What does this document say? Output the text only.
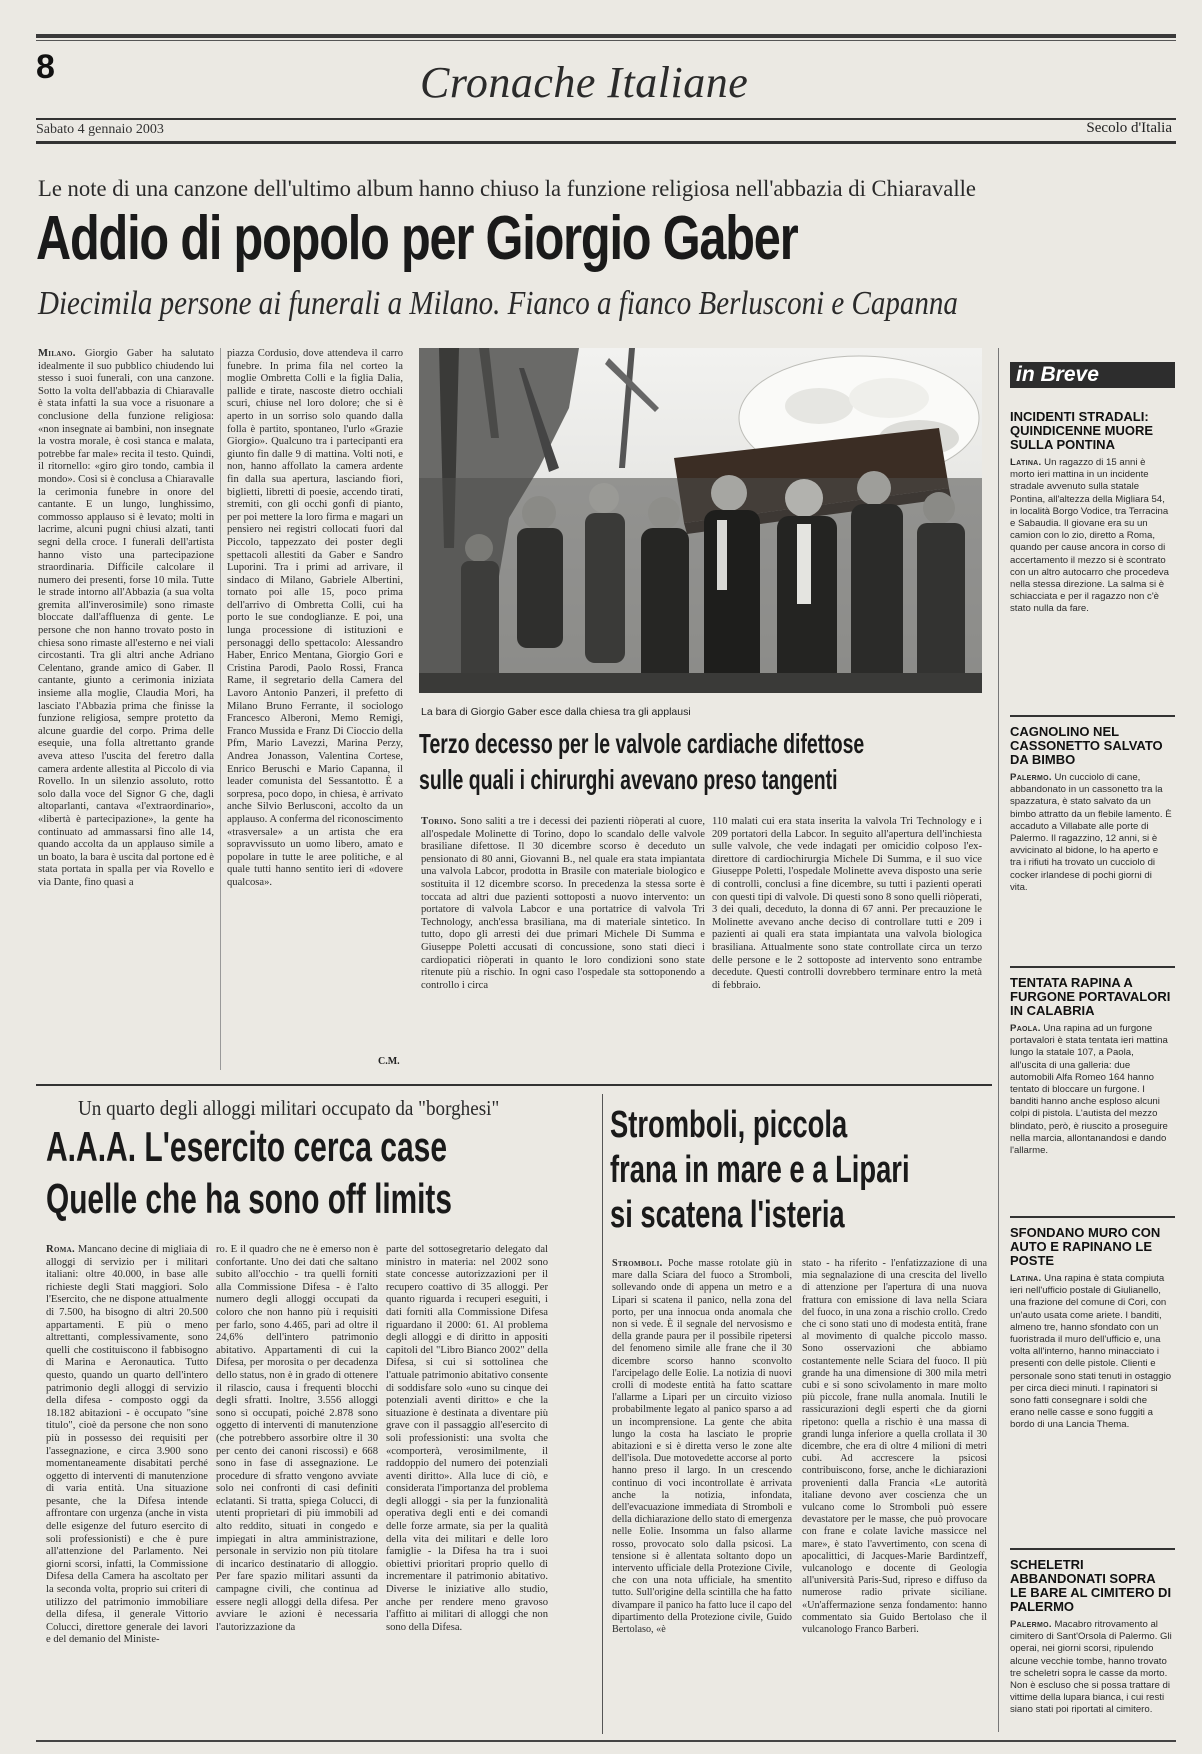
8	Cronache Italiane
Sabato 4 gennaio 2003	Secolo d'Italia
Le note di una canzone dell'ultimo album hanno chiuso la funzione religiosa nell'abbazia di Chiaravalle
Addio di popolo per Giorgio Gaber
Diecimila persone ai funerali a Milano. Fianco a fianco Berlusconi e Capanna

Milano. Giorgio Gaber ha salutato idealmente il suo pubblico chiudendo lui stesso i suoi funerali, con una canzone. Sotto la volta dell'abbazia di Chiaravalle è stata infatti la sua voce a risuonare a conclusione della funzione religiosa: «non insegnate ai bambini, non insegnate la vostra morale, è così stanca e malata, potrebbe far male» recita il testo. Quindi, il ritornello: «giro giro tondo, cambia il mondo». Così si è conclusa a Chiaravalle la cerimonia funebre in onore del cantante. E un lungo, lunghissimo, commosso applauso si è levato; molti in lacrime, alcuni pugni chiusi alzati, tanti segni della croce. I funerali dell'artista hanno visto una partecipazione straordinaria. Difficile calcolare il numero dei presenti, forse 10 mila. Tutte le strade intorno all'Abbazia (a sua volta gremita all'inverosimile) sono rimaste bloccate dall'affluenza di gente. Le persone che non hanno trovato posto in chiesa sono rimaste all'esterno e nei viali circostanti. Tra gli altri anche Adriano Celentano, grande amico di Gaber. Il cantante, giunto a cerimonia iniziata insieme alla moglie, Claudia Mori, ha lasciato l'Abbazia prima che finisse la funzione religiosa, sempre protetto da alcune guardie del corpo. Prima delle esequie, una folla altrettanto grande aveva atteso l'uscita del feretro dalla camera ardente allestita al Piccolo di via Rovello. In un silenzio assoluto, rotto solo dalla voce del Signor G che, dagli altoparlanti, cantava «l'extraordinario», «libertà è partecipazione», la gente ha continuato ad ammassarsi fino alle 14, quando accolta da un applauso simile a un boato, la bara è uscita dal portone ed è stata portata in spalla per via Rovello e via Dante, fino quasi a

piazza Cordusio, dove attendeva il carro funebre. In prima fila nel corteo la moglie Ombretta Colli e la figlia Dalia, pallide e tirate, nascoste dietro occhiali scuri, chiuse nel loro dolore; che si è aperto in un sorriso solo quando dalla folla è partito, spontaneo, l'urlo «Grazie Giorgio». Qualcuno tra i partecipanti era giunto fin dalle 9 di mattina. Volti noti, e non, hanno affollato la camera ardente fin dalla sua apertura, lasciando fiori, biglietti, libretti di poesie, accendo tirati, stremiti, con gli occhi gonfi di pianto, per poi mettere la loro firma e magari un pensiero nei registri collocati fuori dal Piccolo, tappezzato dei poster degli spettacoli allestiti da Gaber e Sandro Luporini. Tra i primi ad arrivare, il sindaco di Milano, Gabriele Albertini, tornato poi alle 15, poco prima dell'arrivo di Ombretta Colli, cui ha porto le sue condoglianze. E poi, una lunga processione di istituzioni e personaggi dello spettacolo: Alessandro Haber, Enrico Mentana, Giorgio Gori e Cristina Parodi, Paolo Rossi, Franca Rame, il segretario della Camera del Lavoro Antonio Panzeri, il prefetto di Milano Bruno Ferrante, il sociologo Francesco Alberoni, Memo Remigi, Franco Mussida e Franz Di Cioccio della Pfm, Mario Lavezzi, Marina Perzy, Andrea Jonasson, Valentina Cortese, Enrico Beruschi e Mario Capanna, il leader comunista del Sessantotto. È a sorpresa, poco dopo, in chiesa, è arrivato anche Silvio Berlusconi, accolto da un applauso. A conferma del riconoscimento «trasversale» a un artista che era sopravvissuto un uomo libero, amato e popolare in tutte le aree politiche, e al quale tutti hanno sentito ieri di «dovere qualcosa».

C.M.
La bara di Giorgio Gaber esce dalla chiesa tra gli applausi
Terzo decesso per le valvole cardiache difettose
sulle quali i chirurghi avevano preso tangenti

Torino. Sono saliti a tre i decessi dei pazienti riòperati al cuore, all'ospedale Molinette di Torino, dopo lo scandalo delle valvole brasiliane difettose. Il 30 dicembre scorso è deceduto un pensionato di 80 anni, Giovanni B., nel quale era stata impiantata una valvola Labcor, prodotta in Brasile con materiale biologico e sostituita il 12 dicembre scorso. In precedenza la stessa sorte è toccata ad altri due pazienti sottoposti a nuovo intervento: un portatore di valvola Labcor e una portatrice di valvola Tri Technology, anch'essa brasiliana, ma di materiale sintetico. In tutto, dopo gli arresti dei due primari Michele Di Summa e Giuseppe Poletti accusati di concussione, sono stati dieci i cardiopatici riòperati in quanto le loro condizioni sono state ritenute più a rischio. In ogni caso l'ospedale sta sottoponendo a controllo i circa

110 malati cui era stata inserita la valvola Tri Technology e i 209 portatori della Labcor. In seguito all'apertura dell'inchiesta sulle valvole, che vede indagati per omicidio colposo l'ex-direttore di cardiochirurgia Michele Di Summa, e il suo vice Giuseppe Poletti, l'ospedale Molinette aveva disposto una serie di controlli, conclusi a fine dicembre, su tutti i pazienti operati con questi tipi di valvole. Di questi sono 8 sono quelli riòperati, 3 dei quali, deceduto, la donna di 67 anni. Per precauzione le Molinette avevano anche deciso di controllare tutti e 209 i pazienti ai quali era stata impiantata una valvola biologica brasiliana. Attualmente sono state controllate circa un terzo delle persone e le 2 sottoposte ad intervento sono entrambe decedute. Questi controlli dovrebbero terminare entro la metà di febbraio.

in Breve

INCIDENTI STRADALI: QUINDICENNE MUORE SULLA PONTINA

Latina. Un ragazzo di 15 anni è morto ieri mattina in un incidente stradale avvenuto sulla statale Pontina, all'altezza della Migliara 54, in località Borgo Vodice, tra Terracina e Sabaudia. Il giovane era su un camion con lo zio, diretto a Roma, quando per cause ancora in corso di accertamento il mezzo si è scontrato con un altro autocarro che procedeva nella stessa direzione. La salma si è schiacciata e per il ragazzo non c'è stato nulla da fare.

CAGNOLINO NEL CASSONETTO SALVATO DA BIMBO

Palermo. Un cucciolo di cane, abbandonato in un cassonetto tra la spazzatura, è stato salvato da un bimbo attratto da un flebile lamento. È accaduto a Villabate alle porte di Palermo. Il ragazzino, 12 anni, si è avvicinato al bidone, lo ha aperto e tra i rifiuti ha trovato un cucciolo di cocker irlandese di pochi giorni di vita.

TENTATA RAPINA A FURGONE PORTAVALORI IN CALABRIA

Paola. Una rapina ad un furgone portavalori è stata tentata ieri mattina lungo la statale 107, a Paola, all'uscita di una galleria: due automobili Alfa Romeo 164 hanno tentato di bloccare un furgone. I banditi hanno anche esploso alcuni colpi di pistola. L'autista del mezzo blindato, però, è riuscito a proseguire nella marcia, allontanandosi e dando l'allarme.

SFONDANO MURO CON AUTO E RAPINANO LE POSTE

Latina. Una rapina è stata compiuta ieri nell'ufficio postale di Giulianello, una frazione del comune di Cori, con un'auto usata come ariete. I banditi, almeno tre, hanno sfondato con un fuoristrada il muro dell'ufficio e, una volta all'interno, hanno minacciato i presenti con delle pistole. Clienti e personale sono stati tenuti in ostaggio per circa dieci minuti. I rapinatori si sono fatti consegnare i soldi che erano nelle casse e sono fuggiti a bordo di una Lancia Thema.

SCHELETRI ABBANDONATI SOPRA LE BARE AL CIMITERO DI PALERMO

Palermo. Macabro ritrovamento al cimitero di Sant'Orsola di Palermo. Gli operai, nei giorni scorsi, ripulendo alcune vecchie tombe, hanno trovato tre scheletri sopra le casse da morto. Non è escluso che si possa trattare di vittime della lupara bianca, i cui resti siano stati poi riportati al cimitero.

Un quarto degli alloggi militari occupato da "borghesi"
A.A.A. L'esercito cerca case
Quelle che ha sono off limits

Roma. Mancano decine di migliaia di alloggi di servizio per i militari italiani: oltre 40.000, in base alle richieste degli Stati maggiori. Solo l'Esercito, che ne dispone attualmente di 7.500, ha bisogno di altri 20.500 appartamenti. E più o meno altrettanti, complessivamente, sono quelli che costituiscono il fabbisogno di Marina e Aeronautica. Tutto questo, quando un quarto dell'intero patrimonio degli alloggi di servizio della difesa - composto oggi da 18.182 abitazioni - è occupato "sine titulo", cioè da persone che non sono più in possesso dei requisiti per l'assegnazione, e circa 3.900 sono momentaneamente disabitati perché oggetto di interventi di manutenzione di varia entità. Una situazione pesante, che la Difesa intende affrontare con urgenza (anche in vista delle esigenze del futuro esercito di soli professionisti) e che è pure all'attenzione del Parlamento. Nei giorni scorsi, infatti, la Commissione Difesa della Camera ha ascoltato per la seconda volta, proprio sui criteri di utilizzo del patrimonio immobiliare della difesa, il generale Vittorio Colucci, direttore generale dei lavori e del demanio del Ministe-

ro. E il quadro che ne è emerso non è confortante. Uno dei dati che saltano subito all'occhio - tra quelli forniti alla Commissione Difesa - è l'alto numero degli alloggi occupati da coloro che non hanno più i requisiti per farlo, sono 4.465, pari ad oltre il 24,6% dell'intero patrimonio abitativo. Appartamenti di cui la Difesa, per morosita o per decadenza dello status, non è in grado di ottenere il rilascio, causa i frequenti blocchi degli sfratti. Inoltre, 3.556 alloggi sono sì occupati, poiché 2.878 sono oggetto di interventi di manutenzione (che potrebbero assorbire oltre il 30 per cento dei canoni riscossi) e 668 sono in fase di assegnazione. Le procedure di sfratto vengono avviate solo nei confronti di casi definiti eclatanti. Si tratta, spiega Colucci, di utenti proprietari di più immobili ad alto reddito, situati in congedo e impiegati in altra amministrazione, personale in servizio non più titolare di incarico destinatario di alloggio. Per fare spazio militari assunti da campagne civili, che continua ad essere negli alloggi della difesa. Per avviare le azioni è necessaria l'autorizzazione da

parte del sottosegretario delegato dal ministro in materia: nel 2002 sono state concesse autorizzazioni per il recupero coattivo di 35 alloggi. Per quanto riguarda i recuperi eseguiti, i dati forniti alla Commissione Difesa riguardano il 2000: 61. Al problema degli alloggi e di diritto in appositi capitoli del "Libro Bianco 2002" della Difesa, si cui si sottolinea che l'attuale patrimonio abitativo consente di soddisfare solo «uno su cinque dei potenziali aventi diritto» e che la situazione è destinata a diventare più grave con il passaggio all'esercito di soli professionisti: una svolta che «comporterà, verosimilmente, il raddoppio del numero dei potenziali aventi diritto». Alla luce di ciò, e considerata l'importanza del problema degli alloggi - sia per la funzionalità operativa degli enti e dei comandi delle forze armate, sia per la qualità della vita dei militari e delle loro famiglie - la Difesa ha tra i suoi obiettivi prioritari proprio quello di incrementare il patrimonio abitativo. Diverse le iniziative allo studio, anche per rendere meno gravoso l'affitto ai militari di alloggi che non sono della Difesa.

Stromboli, piccola
frana in mare e a Lipari
si scatena l'isteria

Stromboli. Poche masse rotolate giù in mare dalla Sciara del fuoco a Stromboli, sollevando onde di appena un metro e a Lipari si scatena il panico, nella zona del porto, per una innocua onda anomala che non si vede. È il segnale del nervosismo e della grande paura per il possibile ripetersi del fenomeno simile alle frane che il 30 dicembre scorso hanno sconvolto l'arcipelago delle Eolie. La notizia di nuovi crolli di modeste entità ha fatto scattare l'allarme a Lipari per un circuito vizioso probabilmente legato al panico sparso a ad un incomprensione. La gente che abita lungo la costa ha lasciato le proprie abitazioni e si è diretta verso le zone alte dell'isola. Due motovedette accorse al porto hanno preso il largo. In un crescendo continuo di voci incontrollate è arrivata anche la notizia, infondata, dell'evacuazione immediata di Stromboli e della dichiarazione dello stato di emergenza nelle Eolie. Insomma un falso allarme rosso, provocato solo dalla psicosi. La tensione si è allentata soltanto dopo un intervento ufficiale della Protezione Civile, che con una nota ufficiale, ha smentito tutto. Sull'origine della scintilla che ha fatto divampare il panico ha fatto luce il capo del dipartimento della Protezione civile, Guido Bertolaso, «è

stato - ha riferito - l'enfatizzazione di una mia segnalazione di una crescita del livello di attenzione per l'apertura di una nuova frattura con emissione di lava nella Sciara del fuoco, in una zona a rischio crollo. Credo che ci sono stati uno di modesta entità, frane al movimento di qualche piccolo masso. Sono osservazioni che abbiamo costantemente nelle Sciara del fuoco. Il più grande ha una dimensione di 300 mila metri cubi e si sono scivolamento in mare molto più piccole, frane nulla anomala. Inutili le rassicurazioni degli esperti che da giorni ripetono: quella a rischio è una massa di grandi lunga inferiore a quella crollata il 30 dicembre, che era di oltre 4 milioni di metri cubi. Ad accrescere la psicosi contribuiscono, forse, anche le dichiarazioni provenienti dalla Francia «Le autorità italiane devono aver coscienza che un vulcano come lo Stromboli può essere devastatore per le masse, che può provocare con frane e colate laviche massicce nel mare», è stato l'avvertimento, con scena di apocalittici, di Jacques-Marie Bardintzeff, vulcanologo e docente di Geologia all'università Paris-Sud, ripreso e diffuso da numerose radio private siciliane. «Un'affermazione senza fondamento: hanno commentato sia Guido Bertolaso che il vulcanologo Franco Barberi.
